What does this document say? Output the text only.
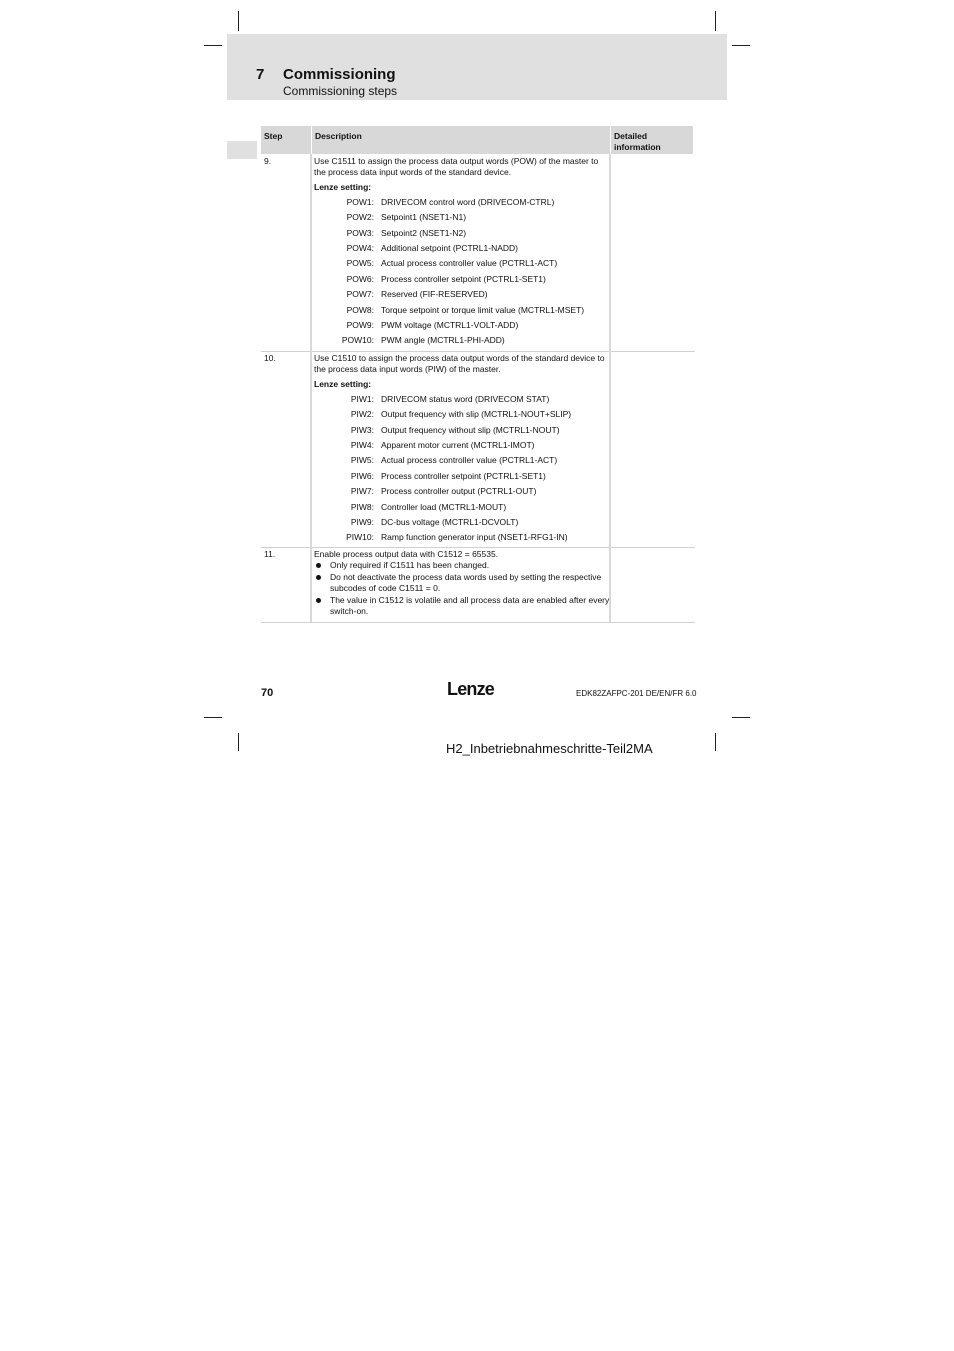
7 Commissioning
Commissioning steps
Step	Description	Detailed information
9.	Use C1511 to assign the process data output words (POW) of the master to the process data input words of the standard device.
Lenze setting:
POW1: DRIVECOM control word (DRIVECOM-CTRL)
POW2: Setpoint1 (NSET1-N1)
POW3: Setpoint2 (NSET1-N2)
POW4: Additional setpoint (PCTRL1-NADD)
POW5: Actual process controller value (PCTRL1-ACT)
POW6: Process controller setpoint (PCTRL1-SET1)
POW7: Reserved (FIF-RESERVED)
POW8: Torque setpoint or torque limit value (MCTRL1-MSET)
POW9: PWM voltage (MCTRL1-VOLT-ADD)
POW10: PWM angle (MCTRL1-PHI-ADD)
10.	Use C1510 to assign the process data output words of the standard device to the process data input words (PIW) of the master.
Lenze setting:
PIW1: DRIVECOM status word (DRIVECOM STAT)
PIW2: Output frequency with slip (MCTRL1-NOUT+SLIP)
PIW3: Output frequency without slip (MCTRL1-NOUT)
PIW4: Apparent motor current (MCTRL1-IMOT)
PIW5: Actual process controller value (PCTRL1-ACT)
PIW6: Process controller setpoint (PCTRL1-SET1)
PIW7: Process controller output (PCTRL1-OUT)
PIW8: Controller load (MCTRL1-MOUT)
PIW9: DC-bus voltage (MCTRL1-DCVOLT)
PIW10: Ramp function generator input (NSET1-RFG1-IN)
11.	Enable process output data with C1512 = 65535.
Only required if C1511 has been changed.
Do not deactivate the process data words used by setting the respective subcodes of code C1511 = 0.
The value in C1512 is volatile and all process data are enabled after every switch-on.
70	Lenze	EDK82ZAFPC-201 DE/EN/FR 6.0
H2_Inbetriebnahmeschritte-Teil2MA
